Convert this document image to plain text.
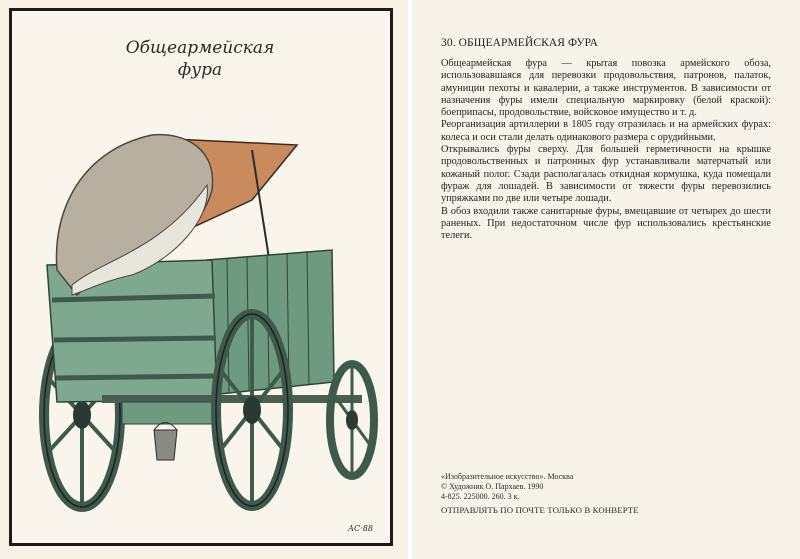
Общеармейская
фура
АС·88
30. ОБЩЕАРМЕЙСКАЯ ФУРА

Общеармейская фура — крытая повозка армейского обоза, использовавшаяся для перевозки продовольствия, патронов, палаток, амуниции пехоты и кавалерии, а также инструментов. В зависимости от назначения фуры имели специальную маркировку (белой краской): боеприпасы, продовольствие, войсковое имущество и т. д.

Реорганизация артиллерии в 1805 году отразилась и на армейских фурах: колеса и оси стали делать одинакового размера с орудийными.

Открывались фуры сверху. Для большей герметичности на крышке продовольственных и патронных фур устанавливали матерчатый или кожаный полог. Сзади располагалась откидная кормушка, куда помещали фураж для лошадей. В зависимости от тяжести фуры перевозились упряжками по две или четыре лошади.

В обоз входили также санитарные фуры, вмещавшие от четырех до шести раненых. При недостаточном числе фур использовались крестьянские телеги.

«Изобразительное искусство». Москва
© Художник О. Пархаев. 1990
4-825. 225000. 260. 3 к.
ОТПРАВЛЯТЬ ПО ПОЧТЕ ТОЛЬКО В КОНВЕРТЕ
